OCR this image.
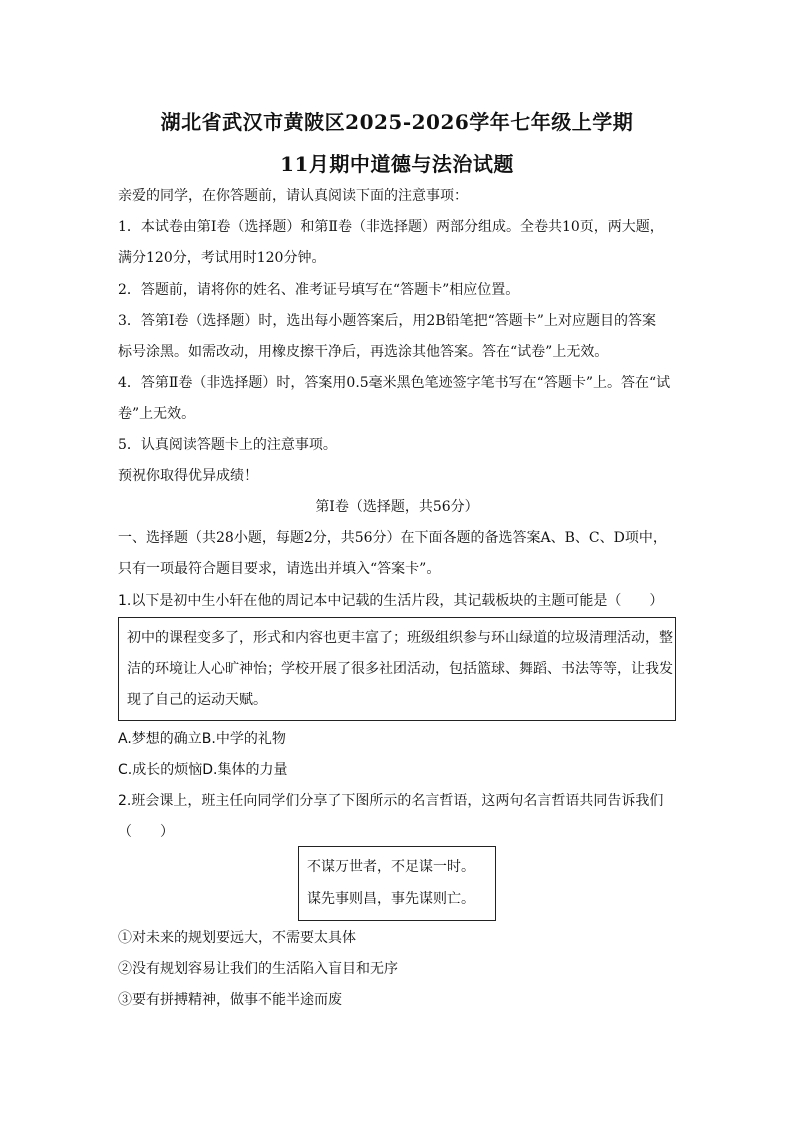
湖北省武汉市黄陂区2025-2026学年七年级上学期
11月期中道德与法治试题
亲爱的同学，在你答题前，请认真阅读下面的注意事项：
1．本试卷由第Ⅰ卷（选择题）和第Ⅱ卷（非选择题）两部分组成。全卷共10页，两大题，
满分120分，考试用时120分钟。
2．答题前，请将你的姓名、准考证号填写在“答题卡”相应位置。
3．答第Ⅰ卷（选择题）时，选出每小题答案后，用2B铅笔把“答题卡”上对应题目的答案
标号涂黑。如需改动，用橡皮擦干净后，再选涂其他答案。答在“试卷”上无效。
4．答第Ⅱ卷（非选择题）时，答案用0.5毫米黑色笔迹签字笔书写在“答题卡”上。答在“试
卷”上无效。
5．认真阅读答题卡上的注意事项。
预祝你取得优异成绩！
第Ⅰ卷（选择题，共56分）
一、选择题（共28小题，每题2分，共56分）在下面各题的备选答案A、B、C、D项中，
只有一项最符合题目要求，请选出并填入“答案卡”。
1.以下是初中生小轩在他的周记本中记载的生活片段，其记载板块的主题可能是（　　）
初中的课程变多了，形式和内容也更丰富了；班级组织参与环山绿道的垃圾清理活动，整
洁的环境让人心旷神怡；学校开展了很多社团活动，包括篮球、舞蹈、书法等等，让我发
现了自己的运动天赋。
A.梦想的确立B.中学的礼物
C.成长的烦恼D.集体的力量
2.班会课上，班主任向同学们分享了下图所示的名言哲语，这两句名言哲语共同告诉我们
（　　）
不谋万世者，不足谋一时。
谋先事则昌，事先谋则亡。
①对未来的规划要远大，不需要太具体
②没有规划容易让我们的生活陷入盲目和无序
③要有拼搏精神，做事不能半途而废
